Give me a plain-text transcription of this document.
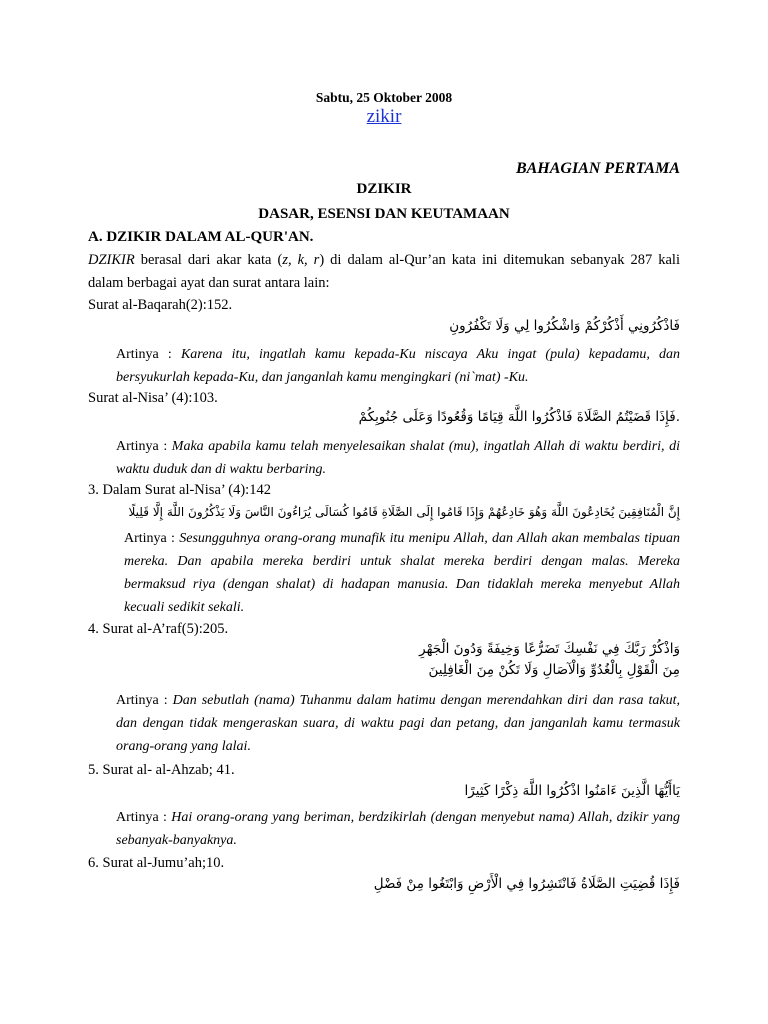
Sabtu, 25 Oktober 2008
zikir
BAHAGIAN PERTAMA
DZIKIR
DASAR, ESENSI DAN KEUTAMAAN
A. DZIKIR DALAM AL-QUR'AN.
DZIKIR berasal dari akar kata (z, k, r) di dalam al-Qur’an kata ini ditemukan sebanyak 287 kali dalam berbagai ayat dan surat antara lain:
Surat al-Baqarah(2):152.
فَاذْكُرُونِي أَذْكُرْكُمْ وَاشْكُرُوا لِي وَلَا تَكْفُرُونِ
Artinya : Karena itu, ingatlah kamu kepada-Ku niscaya Aku ingat (pula) kepadamu, dan bersyukurlah kepada-Ku, dan janganlah kamu mengingkari (ni`mat) -Ku.
Surat al-Nisa’ (4):103.
.فَإِذَا قَضَيْتُمُ الصَّلَاةَ فَاذْكُرُوا اللَّهَ قِيَامًا وَقُعُودًا وَعَلَى جُنُوبِكُمْ
Artinya : Maka apabila kamu telah menyelesaikan shalat (mu), ingatlah Allah di waktu berdiri, di waktu duduk dan di waktu berbaring.
3. Dalam Surat al-Nisa’ (4):142
إِنَّ الْمُنَافِقِينَ يُخَادِعُونَ اللَّهَ وَهُوَ خَادِعُهُمْ وَإِذَا قَامُوا إِلَى الصَّلَاةِ قَامُوا كُسَالَى يُرَاءُونَ النَّاسَ وَلَا يَذْكُرُونَ اللَّهَ إِلَّا قَلِيلًا
Artinya : Sesungguhnya orang-orang munafik itu menipu Allah, dan Allah akan membalas tipuan mereka. Dan apabila mereka berdiri untuk shalat mereka berdiri dengan malas. Mereka bermaksud riya (dengan shalat) di hadapan manusia. Dan tidaklah mereka menyebut Allah kecuali sedikit sekali.
4. Surat al-A’raf(5):205.
وَاذْكُرْ رَبَّكَ فِي نَفْسِكَ تَضَرُّعًا وَخِيفَةً وَدُونَ الْجَهْرِ
مِنَ الْقَوْلِ بِالْغُدُوِّ وَالْآصَالِ وَلَا تَكُنْ مِنَ الْغَافِلِينَ
Artinya : Dan sebutlah (nama) Tuhanmu dalam hatimu dengan merendahkan diri dan rasa takut, dan dengan tidak mengeraskan suara, di waktu pagi dan petang, dan janganlah kamu termasuk orang-orang yang lalai.
5. Surat al- al-Ahzab; 41.
يَاأَيُّهَا الَّذِينَ ءَامَنُوا اذْكُرُوا اللَّهَ ذِكْرًا كَثِيرًا
Artinya : Hai orang-orang yang beriman, berdzikirlah (dengan menyebut nama) Allah, dzikir yang sebanyak-banyaknya.
6. Surat al-Jumu’ah;10.
فَإِذَا قُضِيَتِ الصَّلَاةُ فَانْتَشِرُوا فِي الْأَرْضِ وَابْتَغُوا مِنْ فَضْلِ
